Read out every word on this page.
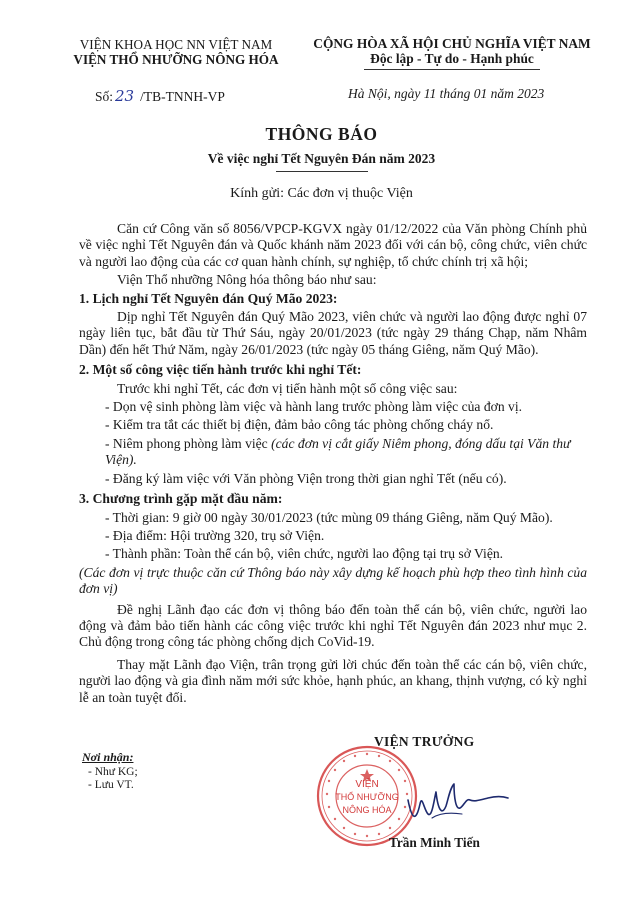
VIỆN KHOA HỌC NN VIỆT NAM
VIỆN THỔ NHƯỠNG NÔNG HÓA
CỘNG HÒA XÃ HỘI CHỦ NGHĨA VIỆT NAM
Độc lập - Tự do - Hạnh phúc
Số: 23 /TB-TNNH-VP	Hà Nội, ngày 11 tháng 01 năm 2023
THÔNG BÁO
Về việc nghỉ Tết Nguyên Đán năm 2023
Kính gửi: Các đơn vị thuộc Viện

Căn cứ Công văn số 8056/VPCP-KGVX ngày 01/12/2022 của Văn phòng Chính phủ về việc nghỉ Tết Nguyên đán và Quốc khánh năm 2023 đối với cán bộ, công chức, viên chức và người lao động của các cơ quan hành chính, sự nghiệp, tổ chức chính trị xã hội;

Viện Thổ nhưỡng Nông hóa thông báo như sau:

1. Lịch nghỉ Tết Nguyên đán Quý Mão 2023:

Dịp nghỉ Tết Nguyên đán Quý Mão 2023, viên chức và người lao động được nghỉ 07 ngày liên tục, bắt đầu từ Thứ Sáu, ngày 20/01/2023 (tức ngày 29 tháng Chạp, năm Nhâm Dần) đến hết Thứ Năm, ngày 26/01/2023 (tức ngày 05 tháng Giêng, năm Quý Mão).

2. Một số công việc tiến hành trước khi nghỉ Tết:

Trước khi nghỉ Tết, các đơn vị tiến hành một số công việc sau:

- Dọn vệ sinh phòng làm việc và hành lang trước phòng làm việc của đơn vị.

- Kiểm tra tắt các thiết bị điện, đảm bảo công tác phòng chống cháy nổ.

- Niêm phong phòng làm việc (các đơn vị cắt giấy Niêm phong, đóng dấu tại Văn thư Viện).

- Đăng ký làm việc với Văn phòng Viện trong thời gian nghỉ Tết (nếu có).

3. Chương trình gặp mặt đầu năm:

- Thời gian: 9 giờ 00 ngày 30/01/2023 (tức mùng 09 tháng Giêng, năm Quý Mão).

- Địa điểm: Hội trường 320, trụ sở Viện.

- Thành phần: Toàn thể cán bộ, viên chức, người lao động tại trụ sở Viện.

(Các đơn vị trực thuộc căn cứ Thông báo này xây dựng kế hoạch phù hợp theo tình hình của đơn vị)

Đề nghị Lãnh đạo các đơn vị thông báo đến toàn thể cán bộ, viên chức, người lao động và đảm bảo tiến hành các công việc trước khi nghỉ Tết Nguyên đán 2023 như mục 2. Chủ động trong công tác phòng chống dịch CoVid-19.

Thay mặt Lãnh đạo Viện, trân trọng gửi lời chúc đến toàn thể các cán bộ, viên chức, người lao động và gia đình năm mới sức khỏe, hạnh phúc, an khang, thịnh vượng, có kỳ nghỉ lễ an toàn tuyệt đối.

Nơi nhận:
- Như KG;
- Lưu VT.
VIỆN TRƯỞNG
VIỆN
THỔ NHƯỠNG
NÔNG HÓA
Trần Minh Tiến
